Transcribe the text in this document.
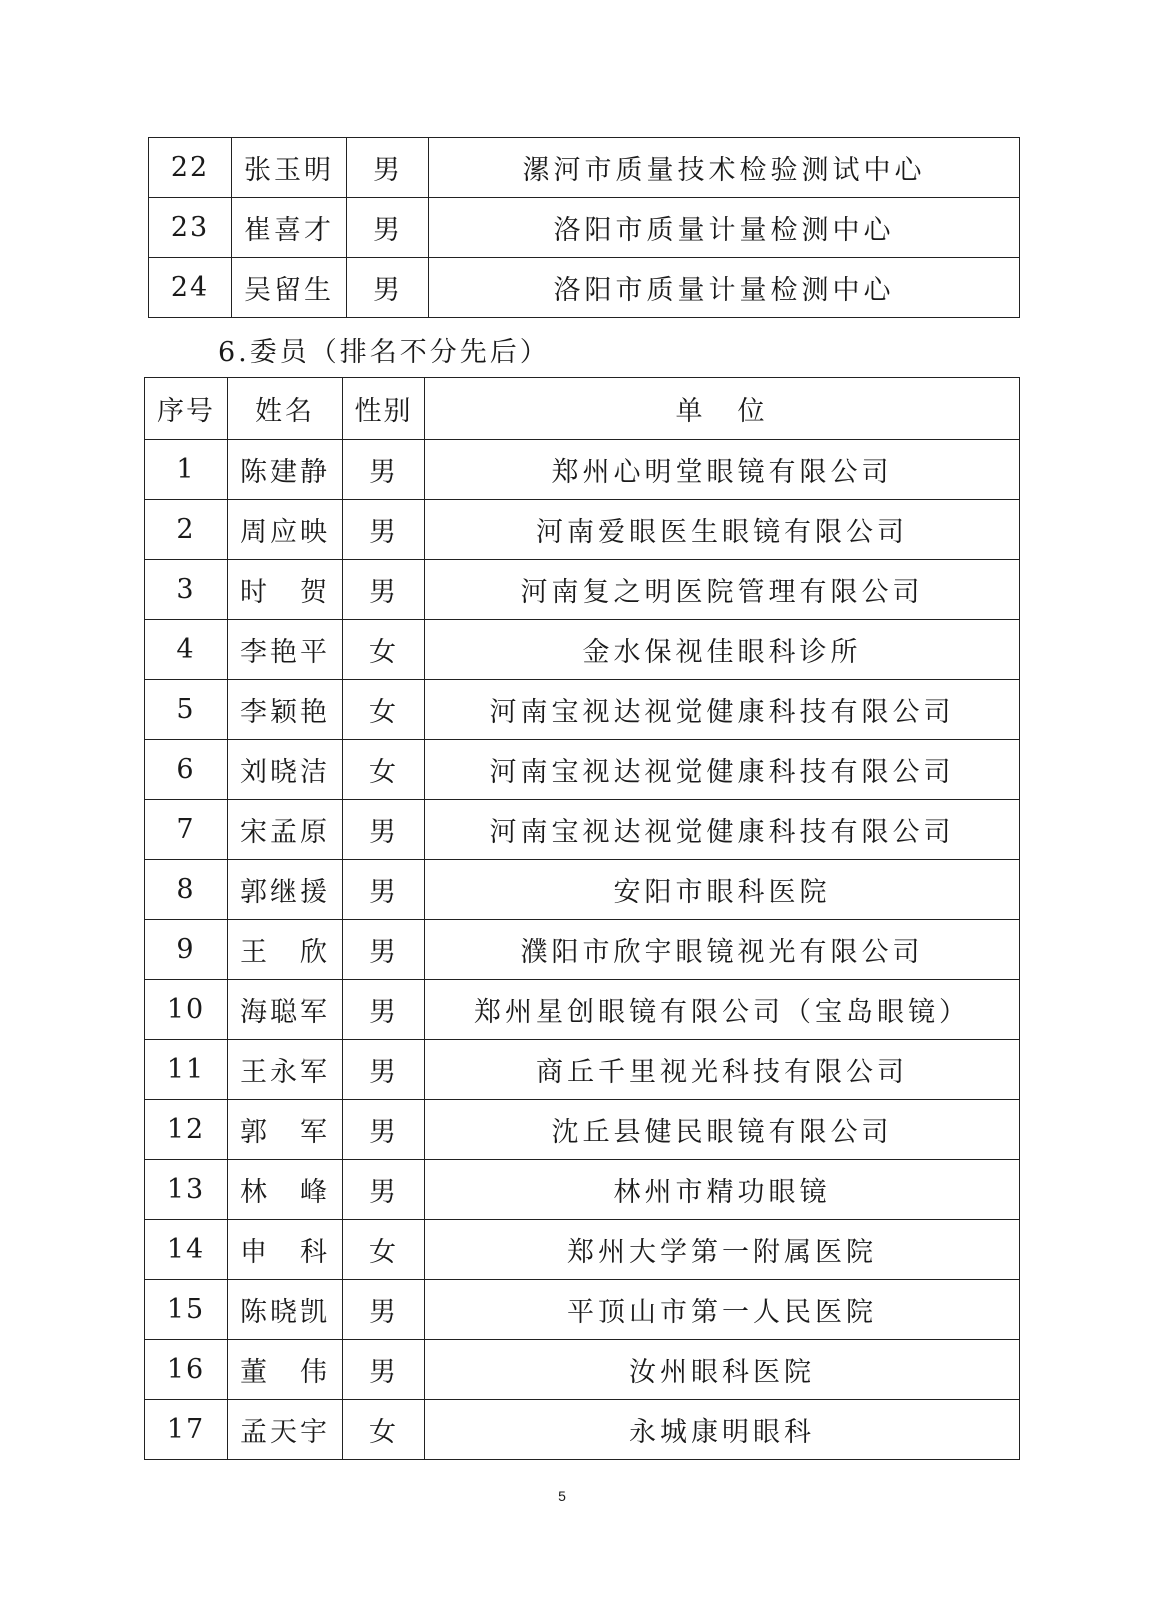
22	张玉明	男	漯河市质量技术检验测试中心
23	崔喜才	男	洛阳市质量计量检测中心
24	吴留生	男	洛阳市质量计量检测中心
6.委员（排名不分先后）
序号	姓名	性别	单　位
1	陈建静	男	郑州心明堂眼镜有限公司
2	周应映	男	河南爱眼医生眼镜有限公司
3	时　贺	男	河南复之明医院管理有限公司
4	李艳平	女	金水保视佳眼科诊所
5	李颖艳	女	河南宝视达视觉健康科技有限公司
6	刘晓洁	女	河南宝视达视觉健康科技有限公司
7	宋孟原	男	河南宝视达视觉健康科技有限公司
8	郭继援	男	安阳市眼科医院
9	王　欣	男	濮阳市欣宇眼镜视光有限公司
10	海聪军	男	郑州星创眼镜有限公司（宝岛眼镜）
11	王永军	男	商丘千里视光科技有限公司
12	郭　军	男	沈丘县健民眼镜有限公司
13	林　峰	男	林州市精功眼镜
14	申　科	女	郑州大学第一附属医院
15	陈晓凯	男	平顶山市第一人民医院
16	董　伟	男	汝州眼科医院
17	孟天宇	女	永城康明眼科
5
